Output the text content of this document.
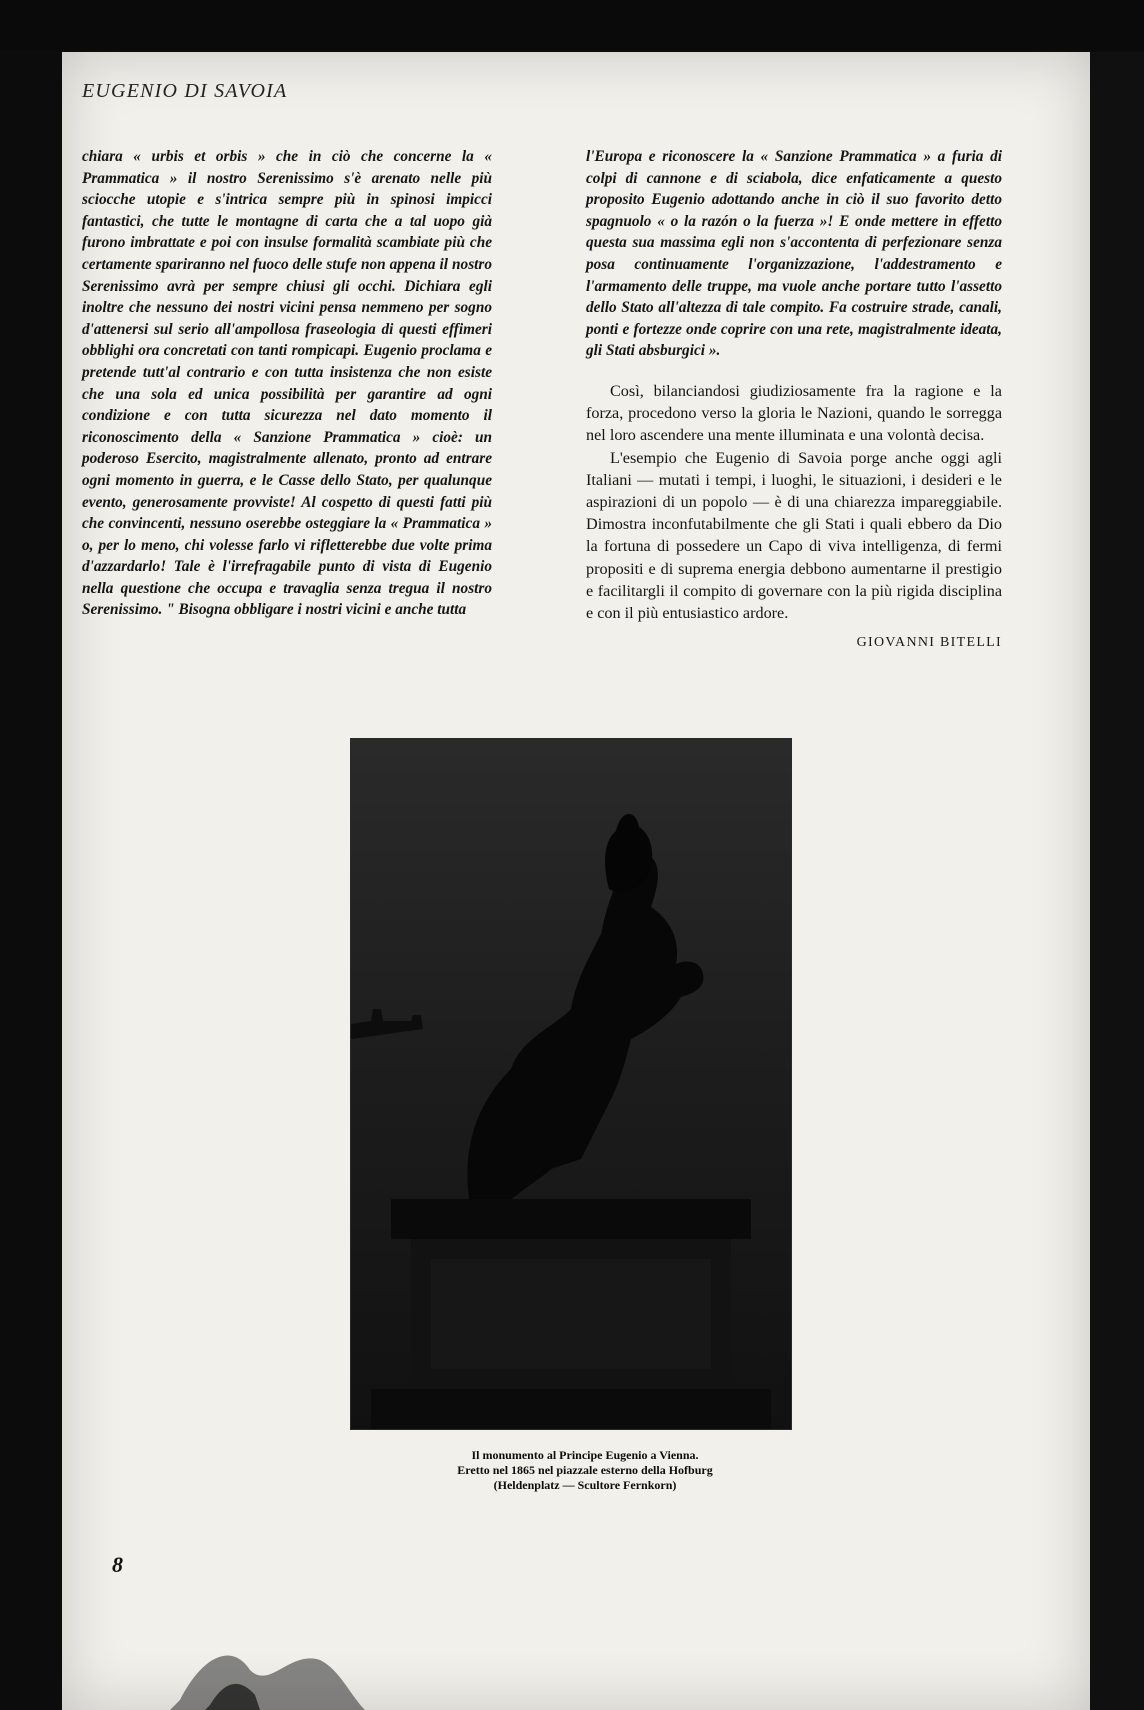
EUGENIO DI SAVOIA

chiara « urbis et orbis » che in ciò che concerne la « Prammatica » il nostro Serenissimo s'è arenato nelle più sciocche utopie e s'intrica sempre più in spinosi impicci fantastici, che tutte le montagne di carta che a tal uopo già furono imbrattate e poi con insulse formalità scambiate più che certamente spariranno nel fuoco delle stufe non appena il nostro Serenissimo avrà per sempre chiusi gli occhi. Dichiara egli inoltre che nessuno dei nostri vicini pensa nemmeno per sogno d'attenersi sul serio all'ampollosa fraseologia di questi effimeri obblighi ora concretati con tanti rompicapi. Eugenio proclama e pretende tutt'al contrario e con tutta insistenza che non esiste che una sola ed unica possibilità per garantire ad ogni condizione e con tutta sicurezza nel dato momento il riconoscimento della « Sanzione Prammatica » cioè: un poderoso Esercito, magistralmente allenato, pronto ad entrare ogni momento in guerra, e le Casse dello Stato, per qualunque evento, generosamente provviste! Al cospetto di questi fatti più che convincenti, nessuno oserebbe osteggiare la « Prammatica » o, per lo meno, chi volesse farlo vi rifletterebbe due volte prima d'azzardarlo! Tale è l'irrefragabile punto di vista di Eugenio nella questione che occupa e travaglia senza tregua il nostro Serenissimo. " Bisogna obbligare i nostri vicini e anche tutta

l'Europa e riconoscere la « Sanzione Prammatica » a furia di colpi di cannone e di sciabola, dice enfaticamente a questo proposito Eugenio adottando anche in ciò il suo favorito detto spagnuolo « o la razón o la fuerza »! E onde mettere in effetto questa sua massima egli non s'accontenta di perfezionare senza posa continuamente l'organizzazione, l'addestramento e l'armamento delle truppe, ma vuole anche portare tutto l'assetto dello Stato all'altezza di tale compito. Fa costruire strade, canali, ponti e fortezze onde coprire con una rete, magistralmente ideata, gli Stati absburgici ».

Così, bilanciandosi giudiziosamente fra la ragione e la forza, procedono verso la gloria le Nazioni, quando le sorregga nel loro ascendere una mente illuminata e una volontà decisa.

L'esempio che Eugenio di Savoia porge anche oggi agli Italiani — mutati i tempi, i luoghi, le situazioni, i desideri e le aspirazioni di un popolo — è di una chiarezza impareggiabile. Dimostra inconfutabilmente che gli Stati i quali ebbero da Dio la fortuna di possedere un Capo di viva intelligenza, di fermi propositi e di suprema energia debbono aumentarne il prestigio e facilitargli il compito di governare con la più rigida disciplina e con il più entusiastico ardore.

GIOVANNI BITELLI
Il monumento al Principe Eugenio a Vienna.
Eretto nel 1865 nel piazzale esterno della Hofburg
(Heldenplatz — Scultore Fernkorn)
8
